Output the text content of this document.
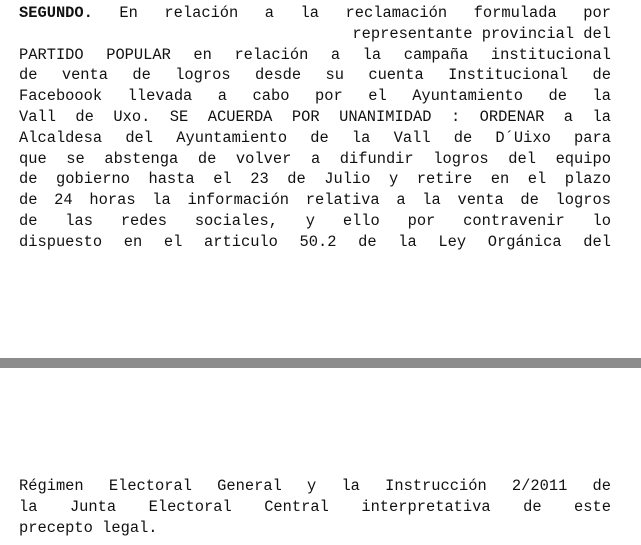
SEGUNDO. En relación a la reclamación formulada por
representante provincial del
PARTIDO POPULAR en relación a la campaña institucional
de venta de logros desde su cuenta Institucional de
Faceboook llevada a cabo por el Ayuntamiento de la
Vall de Uxo. SE ACUERDA POR UNANIMIDAD : ORDENAR a la
Alcaldesa del Ayuntamiento de la Vall de D´Uixo para
que se abstenga de volver a difundir logros del equipo
de gobierno hasta el 23 de Julio y retire en el plazo
de 24 horas la información relativa a la venta de logros
de las redes sociales, y ello por contravenir lo
dispuesto en el articulo 50.2 de la Ley Orgánica del
Régimen Electoral General y la Instrucción 2/2011 de
la Junta Electoral Central interpretativa de este
precepto legal.
